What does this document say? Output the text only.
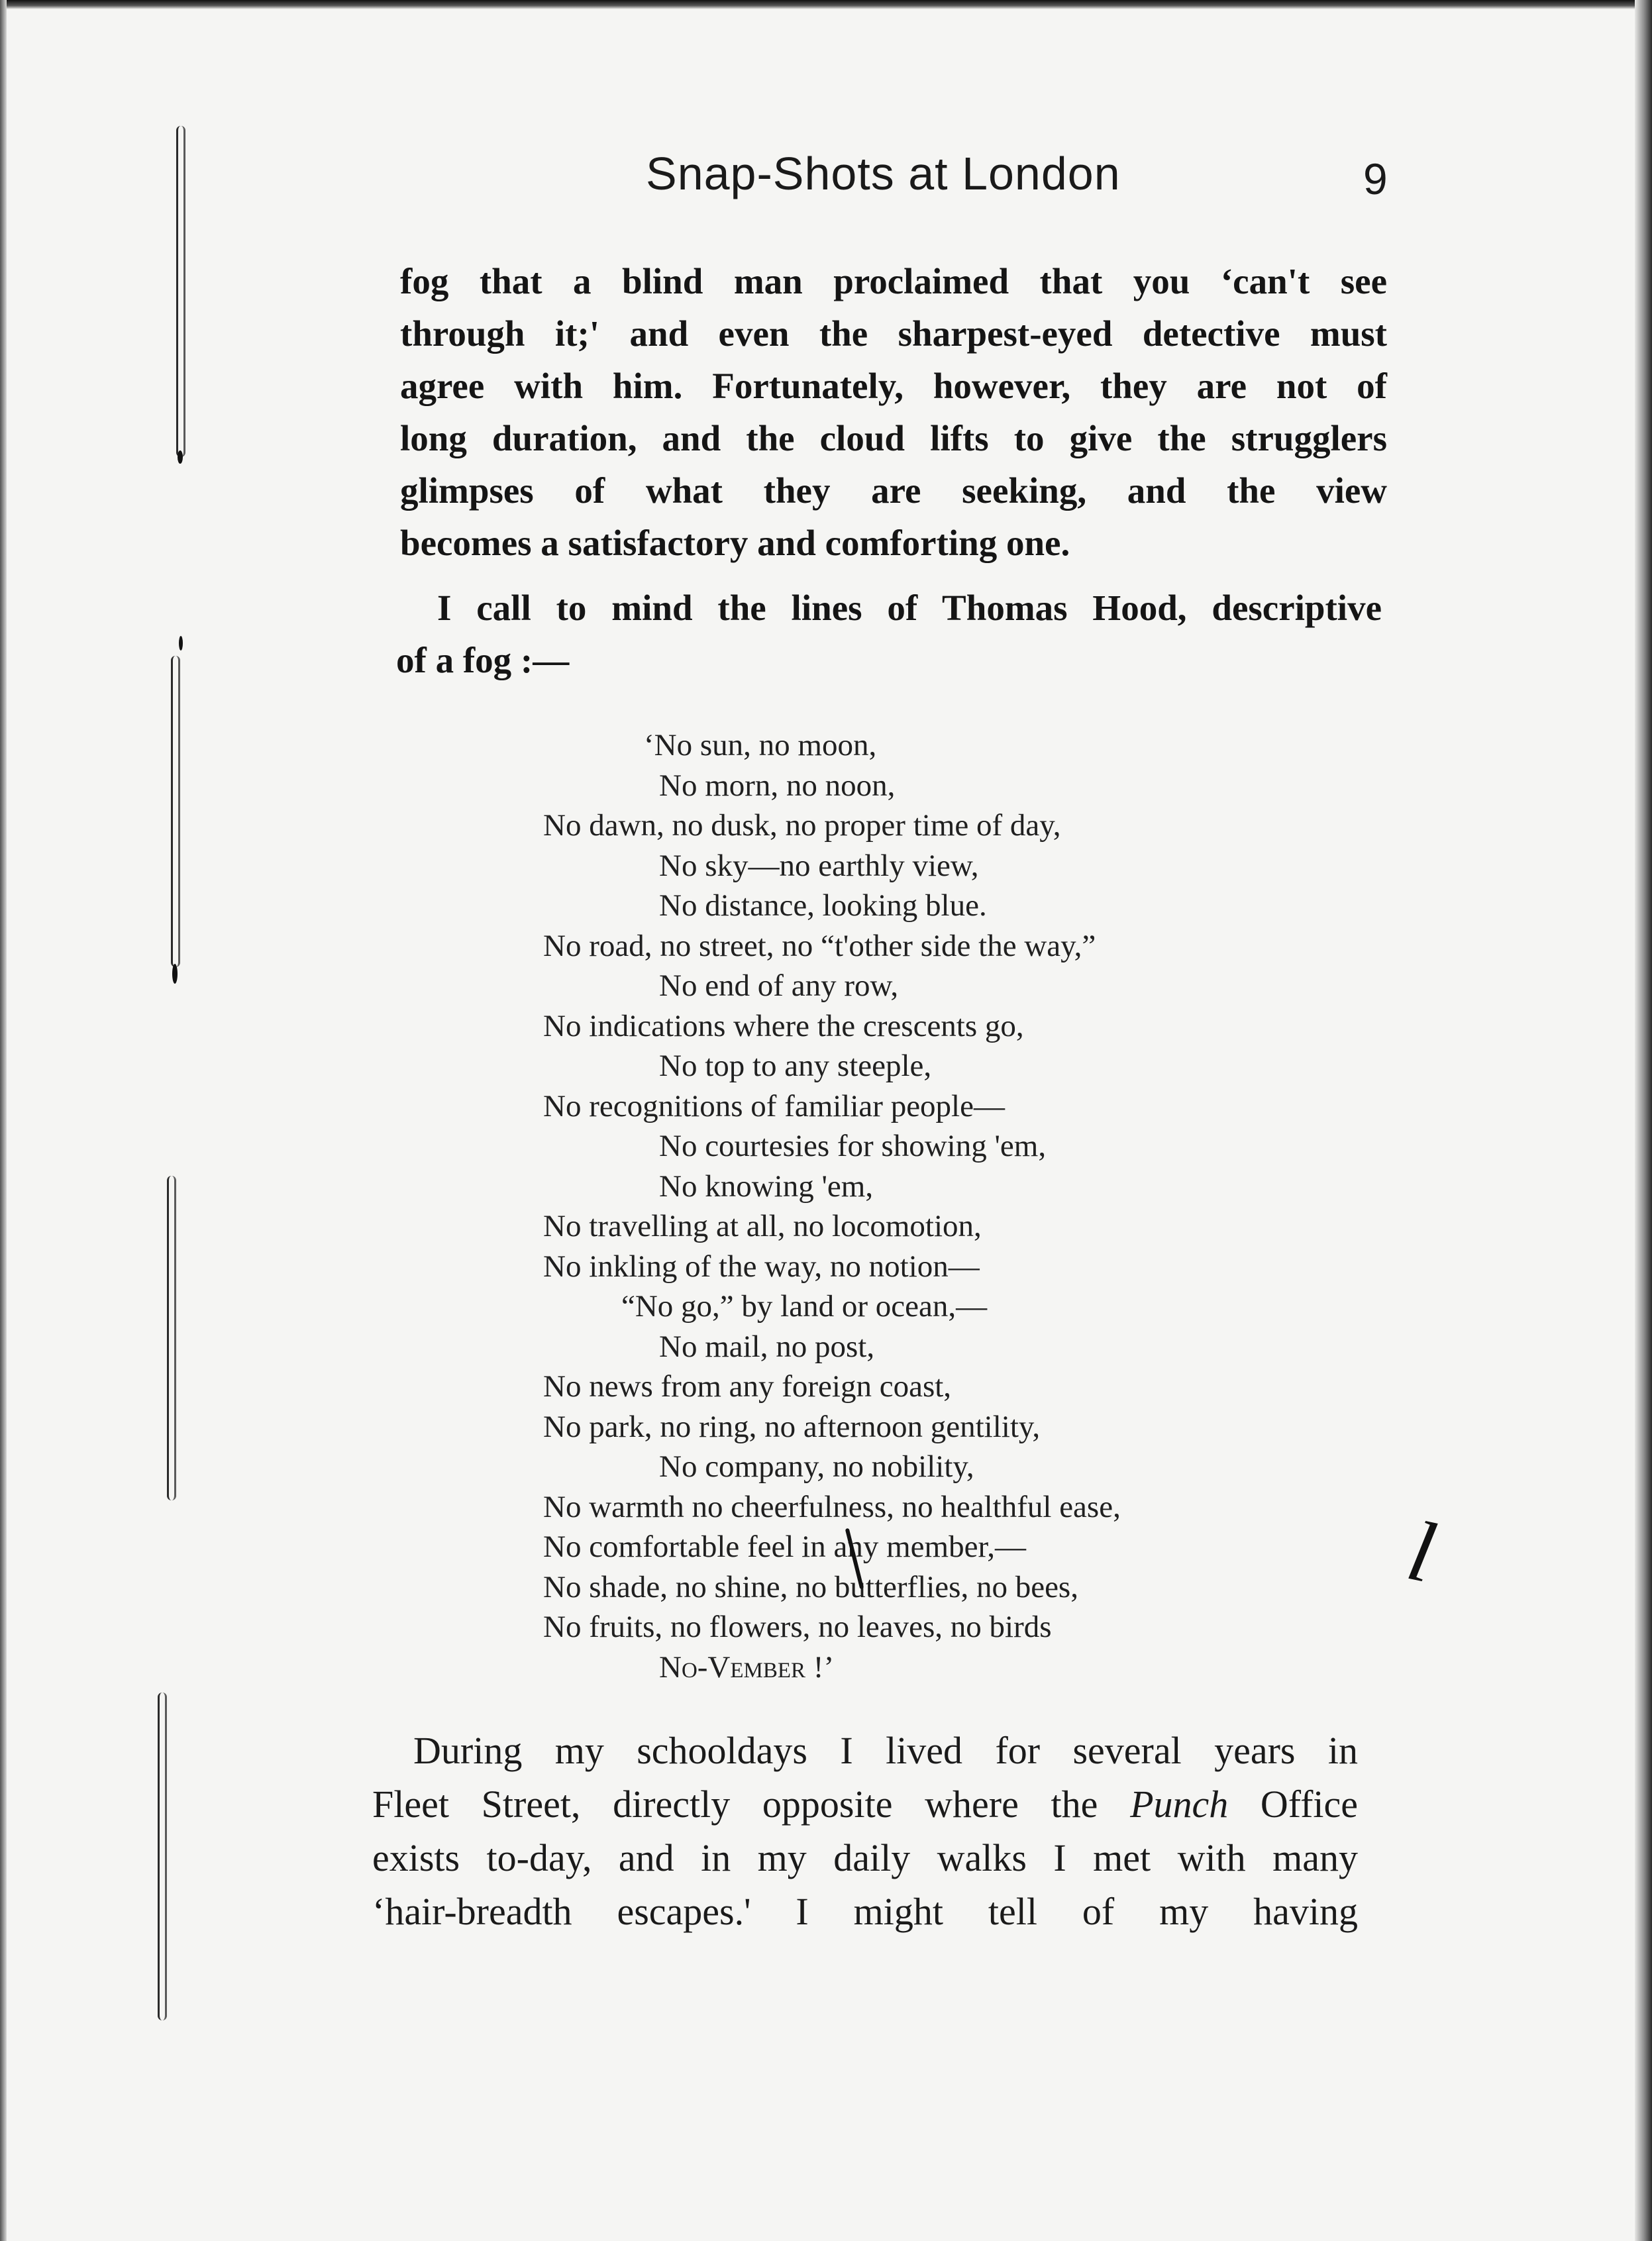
Snap-Shots at London	9
fog that a blind man proclaimed that you ‘can't see
through it;' and even the sharpest-eyed detective must
agree with him. Fortunately, however, they are not of
long duration, and the cloud lifts to give the strugglers
glimpses of what they are seeking, and the view
becomes a satisfactory and comforting one.
I call to mind the lines of Thomas Hood, descriptive
of a fog :—
‘No sun, no moon,
No morn, no noon,
No dawn, no dusk, no proper time of day,
No sky—no earthly view,
No distance, looking blue.
No road, no street, no “t'other side the way,”
No end of any row,
No indications where the crescents go,
No top to any steeple,
No recognitions of familiar people—
No courtesies for showing 'em,
No knowing 'em,
No travelling at all, no locomotion,
No inkling of the way, no notion—
“No go,” by land or ocean,—
No mail, no post,
No news from any foreign coast,
No park, no ring, no afternoon gentility,
No company, no nobility,
No warmth no cheerfulness, no healthful ease,
No comfortable feel in any member,—
No shade, no shine, no butterflies, no bees,
No fruits, no flowers, no leaves, no birds
No-Vember !’
l
During my schooldays I lived for several years in
Fleet Street, directly opposite where the Punch Office
exists to-day, and in my daily walks I met with many
‘hair-breadth escapes.' I might tell of my having
